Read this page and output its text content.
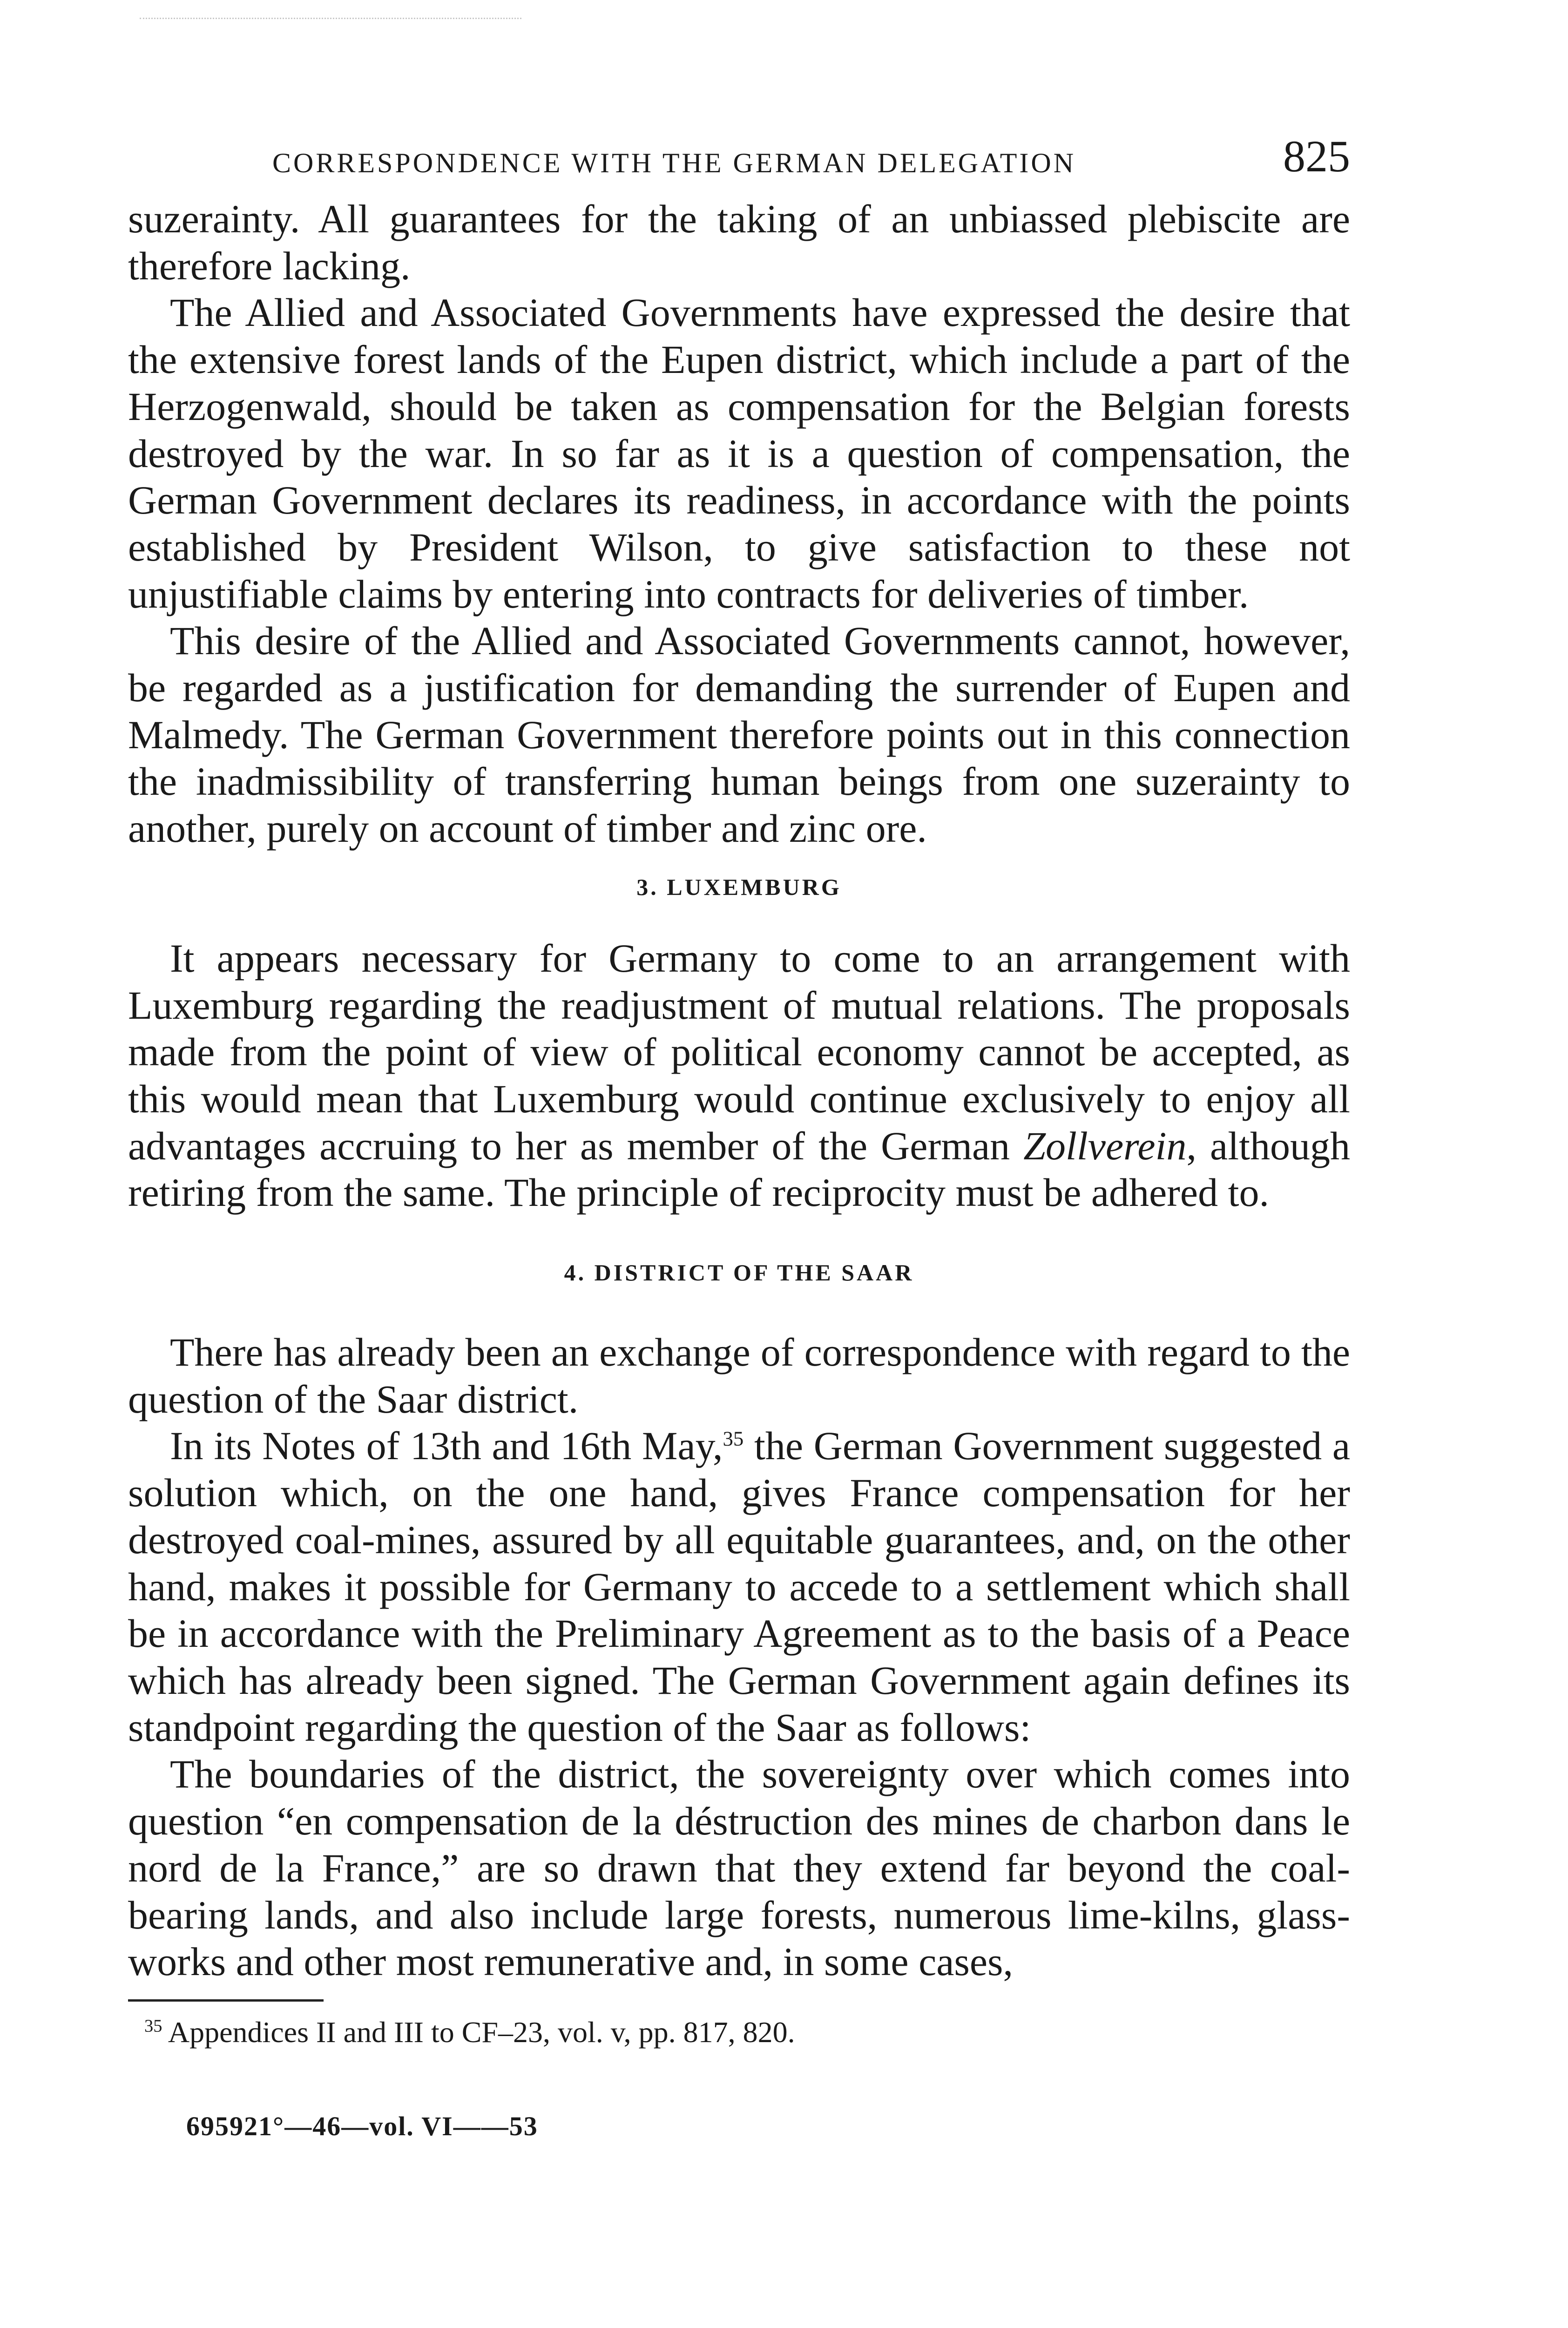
CORRESPONDENCE WITH THE GERMAN DELEGATION	825

suzerainty. All guarantees for the taking of an unbiassed plebiscite are therefore lacking.

The Allied and Associated Governments have expressed the desire that the extensive forest lands of the Eupen district, which include a part of the Herzogenwald, should be taken as compensation for the Belgian forests destroyed by the war. In so far as it is a question of compensation, the German Government declares its readiness, in accordance with the points established by President Wilson, to give satisfaction to these not unjustifiable claims by entering into contracts for deliveries of timber.

This desire of the Allied and Associated Governments cannot, however, be regarded as a justification for demanding the surrender of Eupen and Malmedy. The German Government therefore points out in this connection the inadmissibility of transferring human beings from one suzerainty to another, purely on account of timber and zinc ore.

3. LUXEMBURG

It appears necessary for Germany to come to an arrangement with Luxemburg regarding the readjustment of mutual relations. The proposals made from the point of view of political economy cannot be accepted, as this would mean that Luxemburg would continue exclusively to enjoy all advantages accruing to her as member of the German Zollverein, although retiring from the same. The principle of reciprocity must be adhered to.

4. DISTRICT OF THE SAAR

There has already been an exchange of correspondence with regard to the question of the Saar district.

In its Notes of 13th and 16th May,$^{35}$ the German Government suggested a solution which, on the one hand, gives France compensation for her destroyed coal-mines, assured by all equitable guarantees, and, on the other hand, makes it possible for Germany to accede to a settlement which shall be in accordance with the Preliminary Agreement as to the basis of a Peace which has already been signed. The German Government again defines its standpoint regarding the question of the Saar as follows:

The boundaries of the district, the sovereignty over which comes into question “en compensation de la déstruction des mines de charbon dans le nord de la France,” are so drawn that they extend far beyond the coal-bearing lands, and also include large forests, numerous lime-kilns, glass-works and other most remunerative and, in some cases,

$^{35}$ Appendices II and III to CF–23, vol. v, pp. 817, 820.
695921°—46—vol. VI——53
